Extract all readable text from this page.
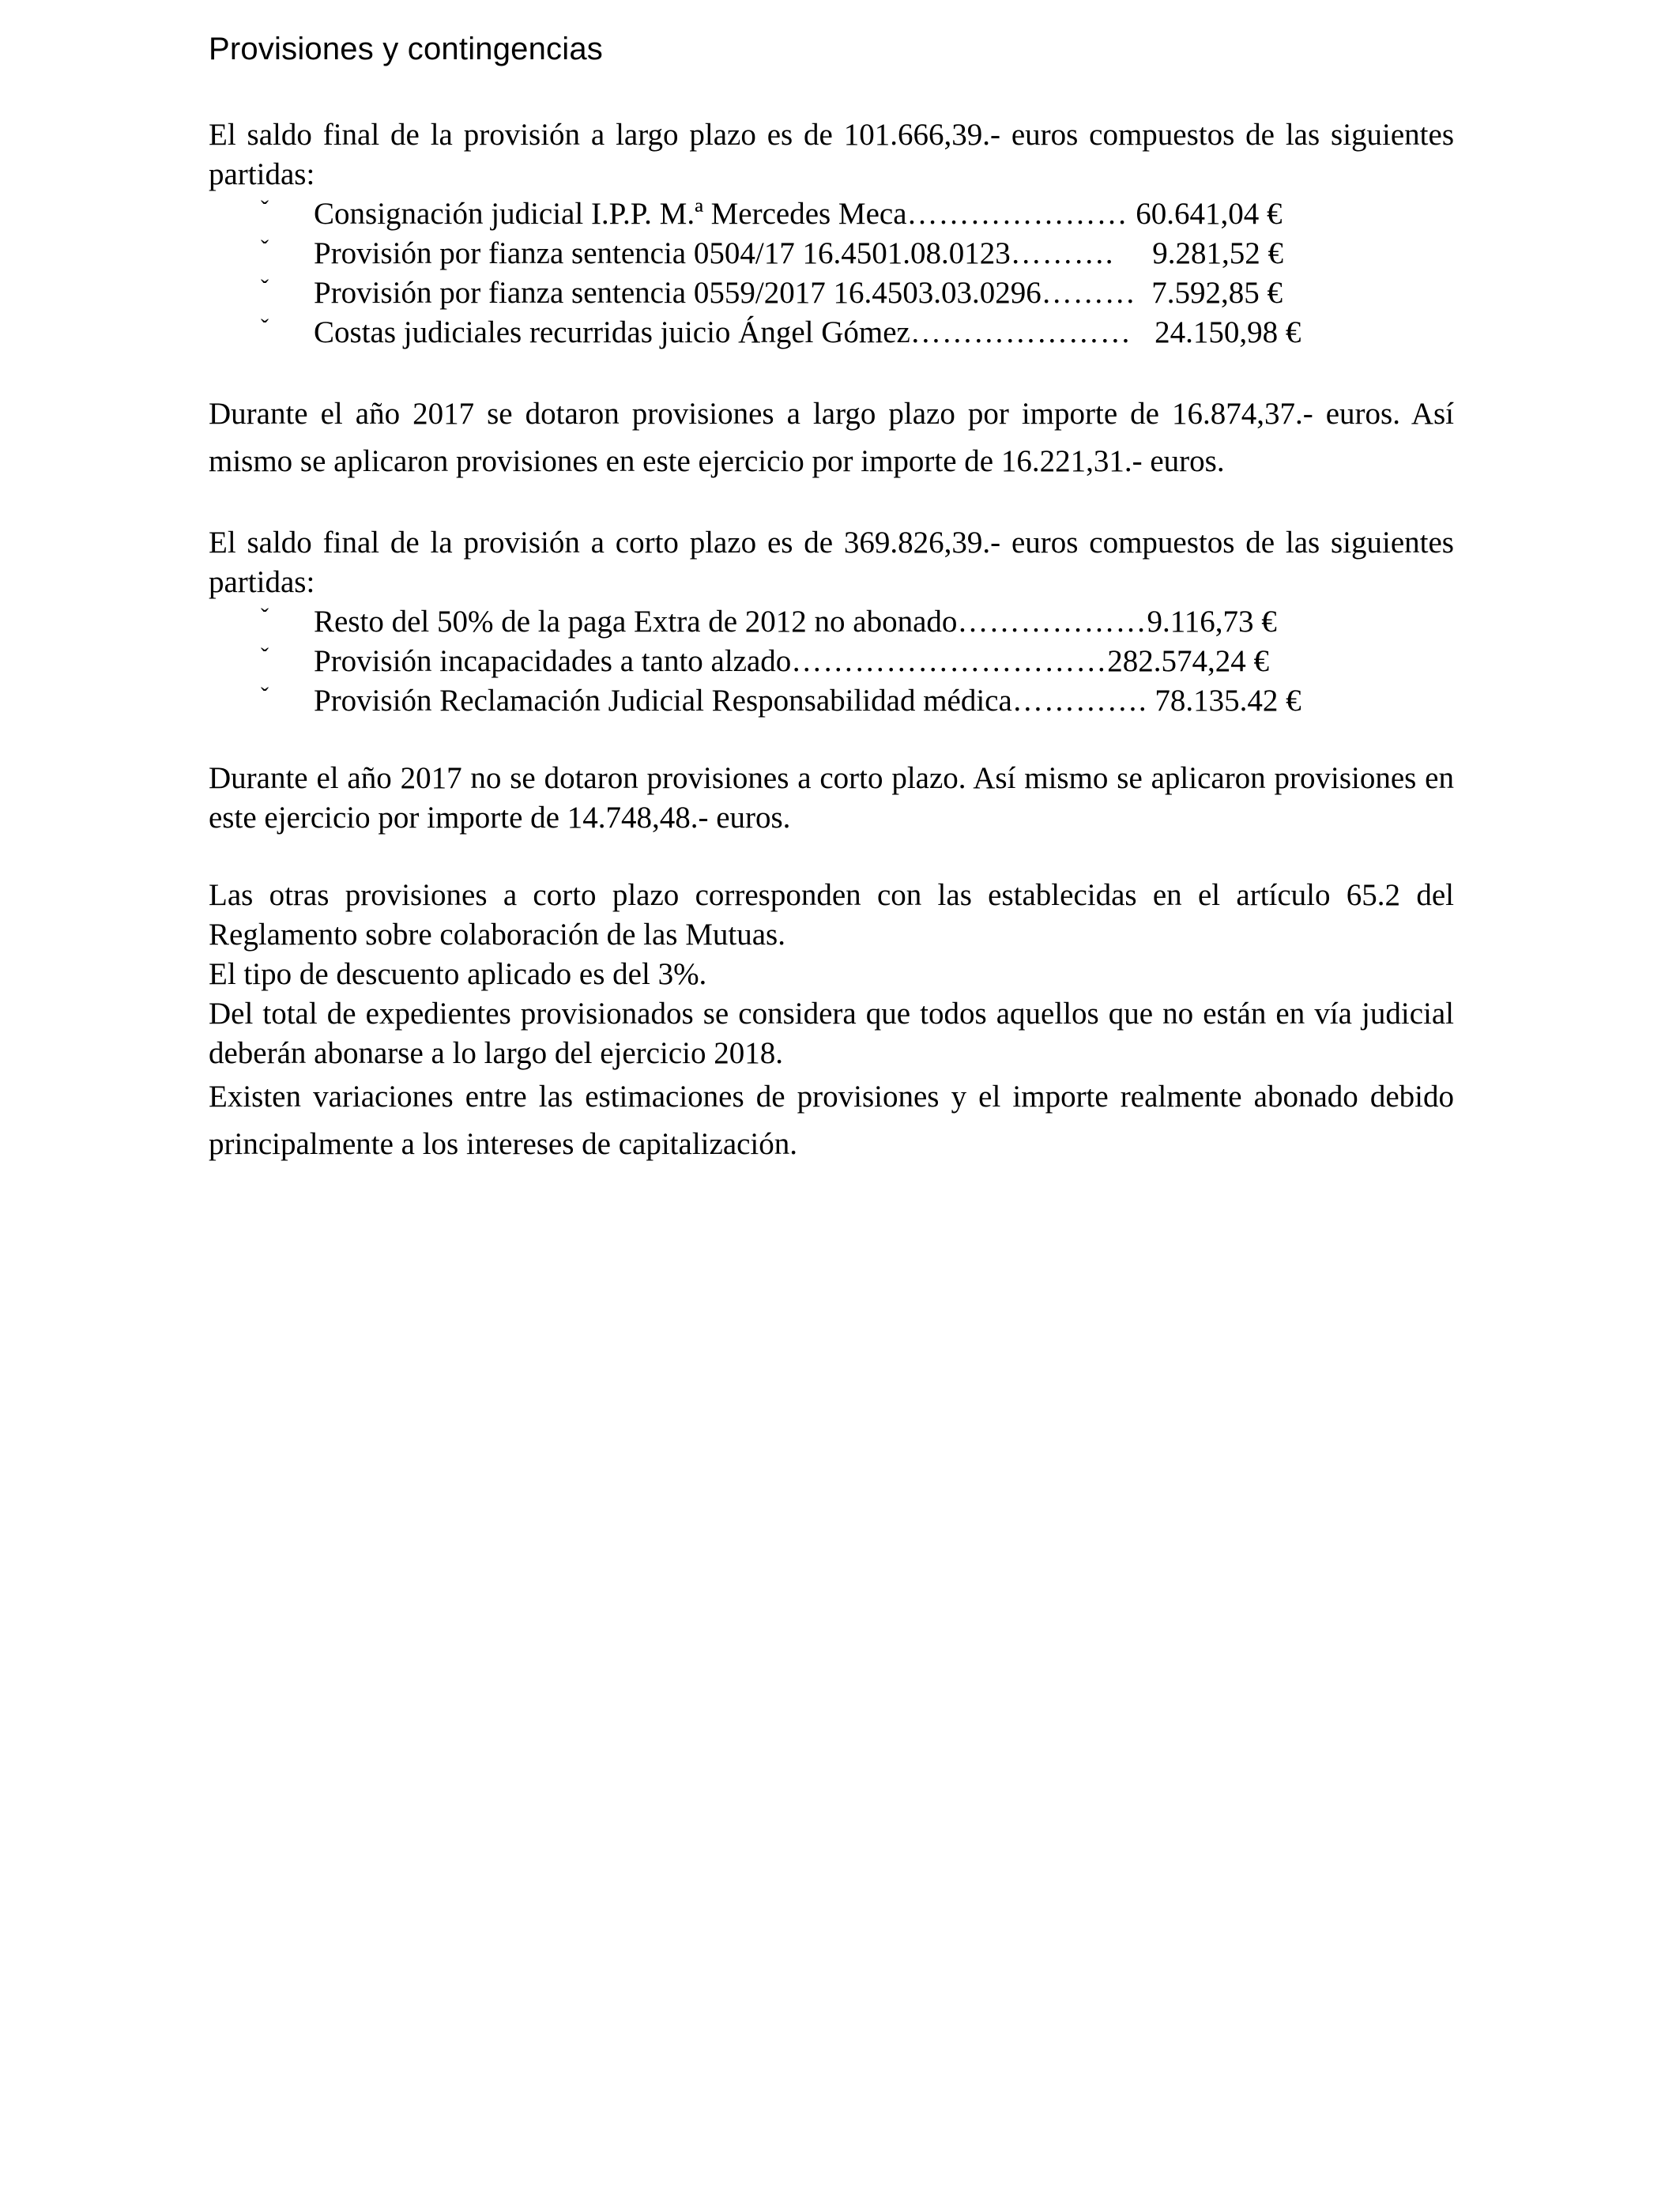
Provisiones y contingencias

El saldo final de la provisión a largo plazo es de 101.666,39.- euros compuestos de las siguientes partidas:

ˇ Consignación judicial I.P.P. M.ª Mercedes Meca………………… 60.641,04 €
ˇ Provisión por fianza sentencia 0504/17 16.4501.08.0123……….     9.281,52 €
ˇ Provisión por fianza sentencia 0559/2017 16.4503.03.0296………  7.592,85 €
ˇ Costas judiciales recurridas juicio Ángel Gómez…………………   24.150,98 €

Durante el año 2017 se dotaron provisiones a largo plazo por importe de 16.874,37.- euros. Así mismo se aplicaron provisiones en este ejercicio por importe de 16.221,31.- euros.

El saldo final de la provisión a corto plazo es de 369.826,39.- euros compuestos de las siguientes partidas:

ˇ Resto del 50% de la paga Extra de 2012 no abonado………………9.116,73 €
ˇ Provisión incapacidades a tanto alzado…………………………282.574,24 €
ˇ Provisión Reclamación Judicial Responsabilidad médica…………. 78.135.42 €

Durante el año 2017 no se dotaron provisiones a corto plazo. Así mismo se aplicaron provisiones en este ejercicio por importe de 14.748,48.- euros.

Las otras provisiones a corto plazo corresponden con las establecidas en el artículo 65.2 del Reglamento sobre colaboración de las Mutuas.

El tipo de descuento aplicado es del 3%.

Del total de expedientes provisionados se considera que todos aquellos que no están en vía judicial deberán abonarse a lo largo del ejercicio 2018.

Existen variaciones entre las estimaciones de provisiones y el importe realmente abonado debido principalmente a los intereses de capitalización.
